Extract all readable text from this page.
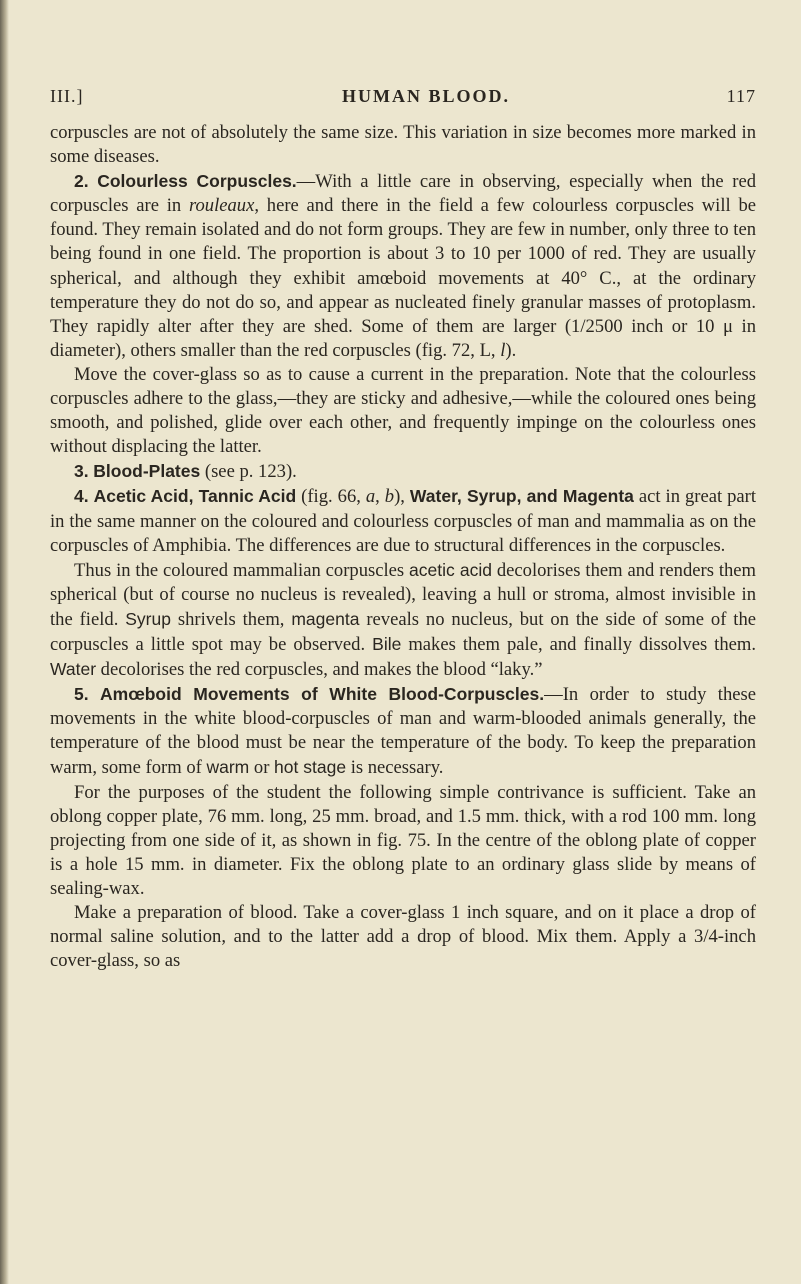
III.]	HUMAN BLOOD.	117

corpuscles are not of absolutely the same size. This variation in size becomes more marked in some diseases.

2. Colourless Corpuscles.—With a little care in observing, especially when the red corpuscles are in rouleaux, here and there in the field a few colourless corpuscles will be found. They remain isolated and do not form groups. They are few in number, only three to ten being found in one field. The proportion is about 3 to 10 per 1000 of red. They are usually spherical, and although they exhibit amœboid movements at 40° C., at the ordinary temperature they do not do so, and appear as nucleated finely granular masses of protoplasm. They rapidly alter after they are shed. Some of them are larger (1/2500 inch or 10 μ in diameter), others smaller than the red corpuscles (fig. 72, L, l).

Move the cover-glass so as to cause a current in the preparation. Note that the colourless corpuscles adhere to the glass,—they are sticky and adhesive,—while the coloured ones being smooth, and polished, glide over each other, and frequently impinge on the colourless ones without displacing the latter.

3. Blood-Plates (see p. 123).

4. Acetic Acid, Tannic Acid (fig. 66, a, b), Water, Syrup, and Magenta act in great part in the same manner on the coloured and colourless corpuscles of man and mammalia as on the corpuscles of Amphibia. The differences are due to structural differences in the corpuscles.

Thus in the coloured mammalian corpuscles acetic acid decolorises them and renders them spherical (but of course no nucleus is revealed), leaving a hull or stroma, almost invisible in the field. Syrup shrivels them, magenta reveals no nucleus, but on the side of some of the corpuscles a little spot may be observed. Bile makes them pale, and finally dissolves them. Water decolorises the red corpuscles, and makes the blood “laky.”

5. Amœboid Movements of White Blood-Corpuscles.—In order to study these movements in the white blood-corpuscles of man and warm-blooded animals generally, the temperature of the blood must be near the temperature of the body. To keep the preparation warm, some form of warm or hot stage is necessary.

For the purposes of the student the following simple contrivance is sufficient. Take an oblong copper plate, 76 mm. long, 25 mm. broad, and 1.5 mm. thick, with a rod 100 mm. long projecting from one side of it, as shown in fig. 75. In the centre of the oblong plate of copper is a hole 15 mm. in diameter. Fix the oblong plate to an ordinary glass slide by means of sealing-wax.

Make a preparation of blood. Take a cover-glass 1 inch square, and on it place a drop of normal saline solution, and to the latter add a drop of blood. Mix them. Apply a 3/4-inch cover-glass, so as
